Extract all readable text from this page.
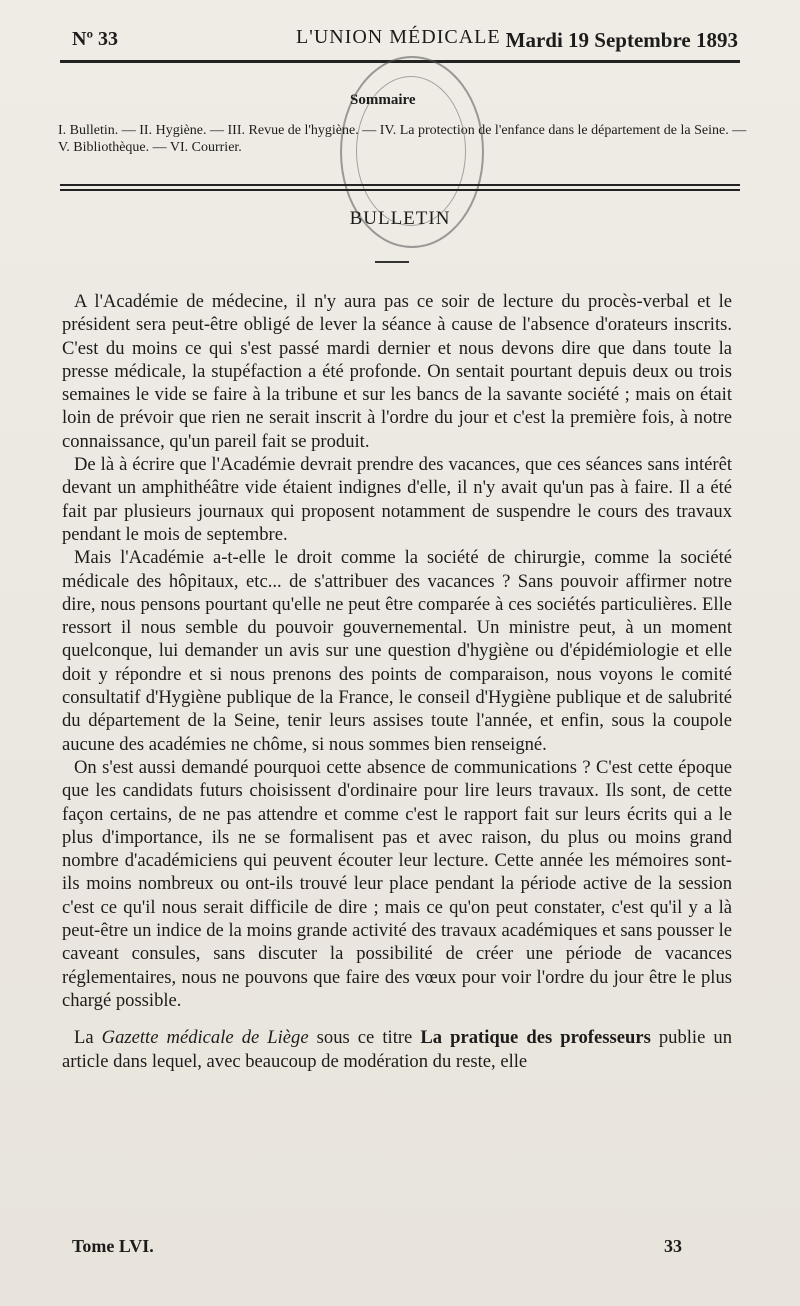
Nº 33	L'UNION MÉDICALE Mardi 19 Septembre 1893
Sommaire
I. Bulletin. — II. Hygiène. — III. Revue de l'hygiène. — IV. La protection de l'enfance dans le département de la Seine. — V. Bibliothèque. — VI. Courrier.
BULLETIN

A l'Académie de médecine, il n'y aura pas ce soir de lecture du procès-verbal et le président sera peut-être obligé de lever la séance à cause de l'absence d'orateurs inscrits. C'est du moins ce qui s'est passé mardi dernier et nous devons dire que dans toute la presse médicale, la stupéfaction a été profonde. On sentait pourtant depuis deux ou trois semaines le vide se faire à la tribune et sur les bancs de la savante société ; mais on était loin de prévoir que rien ne serait inscrit à l'ordre du jour et c'est la première fois, à notre connaissance, qu'un pareil fait se produit.

De là à écrire que l'Académie devrait prendre des vacances, que ces séances sans intérêt devant un amphithéâtre vide étaient indignes d'elle, il n'y avait qu'un pas à faire. Il a été fait par plusieurs journaux qui proposent notamment de suspendre le cours des travaux pendant le mois de septembre.

Mais l'Académie a-t-elle le droit comme la société de chirurgie, comme la société médicale des hôpitaux, etc... de s'attribuer des vacances ? Sans pouvoir affirmer notre dire, nous pensons pourtant qu'elle ne peut être comparée à ces sociétés particulières. Elle ressort il nous semble du pouvoir gouvernemental. Un ministre peut, à un moment quelconque, lui demander un avis sur une question d'hygiène ou d'épidémiologie et elle doit y répondre et si nous prenons des points de comparaison, nous voyons le comité consultatif d'Hygiène publique de la France, le conseil d'Hygiène publique et de salubrité du département de la Seine, tenir leurs assises toute l'année, et enfin, sous la coupole aucune des académies ne chôme, si nous sommes bien renseigné.

On s'est aussi demandé pourquoi cette absence de communications ? C'est cette époque que les candidats futurs choisissent d'ordinaire pour lire leurs travaux. Ils sont, de cette façon certains, de ne pas attendre et comme c'est le rapport fait sur leurs écrits qui a le plus d'importance, ils ne se formalisent pas et avec raison, du plus ou moins grand nombre d'académiciens qui peuvent écouter leur lecture. Cette année les mémoires sont-ils moins nombreux ou ont-ils trouvé leur place pendant la période active de la session c'est ce qu'il nous serait difficile de dire ; mais ce qu'on peut constater, c'est qu'il y a là peut-être un indice de la moins grande activité des travaux académiques et sans pousser le caveant consules, sans discuter la possibilité de créer une période de vacances réglementaires, nous ne pouvons que faire des vœux pour voir l'ordre du jour être le plus chargé possible.

La Gazette médicale de Liège sous ce titre La pratique des professeurs publie un article dans lequel, avec beaucoup de modération du reste, elle

Tome LVI.	33
